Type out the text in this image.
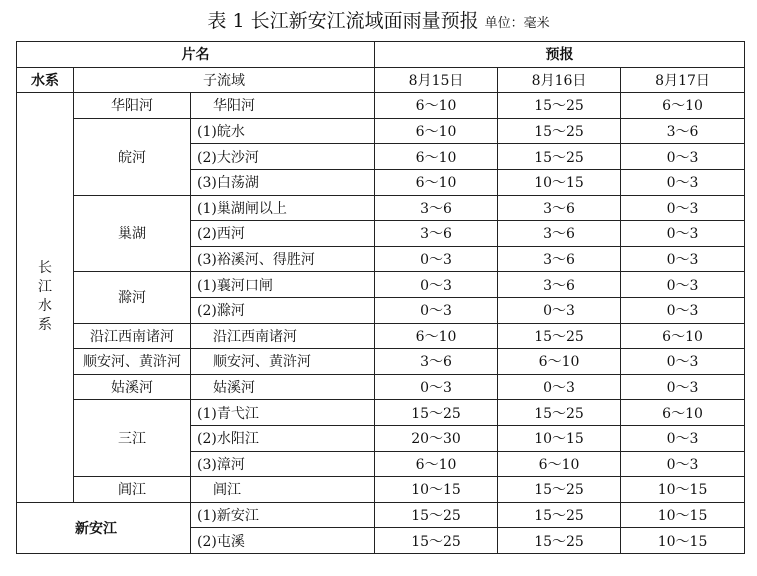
表 1 长江新安江流域面雨量预报 单位：毫米
片名			预报		
水系	子流域		8月15日	8月16日	8月17日

长
江
水
系	华阳河	华阳河	6～10	15～25	6～10
	皖河	(1)皖水	6～10	15～25	3～6
		(2)大沙河	6～10	15～25	0～3
		(3)白荡湖	6～10	10～15	0～3
	巢湖	(1)巢湖闸以上	3～6	3～6	0～3
		(2)西河	3～6	3～6	0～3
		(3)裕溪河、得胜河	0～3	3～6	0～3
	滁河	(1)襄河口闸	0～3	3～6	0～3
		(2)滁河	0～3	0～3	0～3
	沿江西南诸河	沿江西南诸河	6～10	15～25	6～10
	顺安河、黄浒河	顺安河、黄浒河	3～6	6～10	0～3
	姑溪河	姑溪河	0～3	0～3	0～3
	三江	(1)青弋江	15～25	15～25	6～10
		(2)水阳江	20～30	10～15	0～3
		(3)漳河	6～10	6～10	0～3
	阊江	阊江	10～15	15～25	10～15
新安江		(1)新安江	15～25	15～25	10～15
		(2)屯溪	15～25	15～25	10～15
